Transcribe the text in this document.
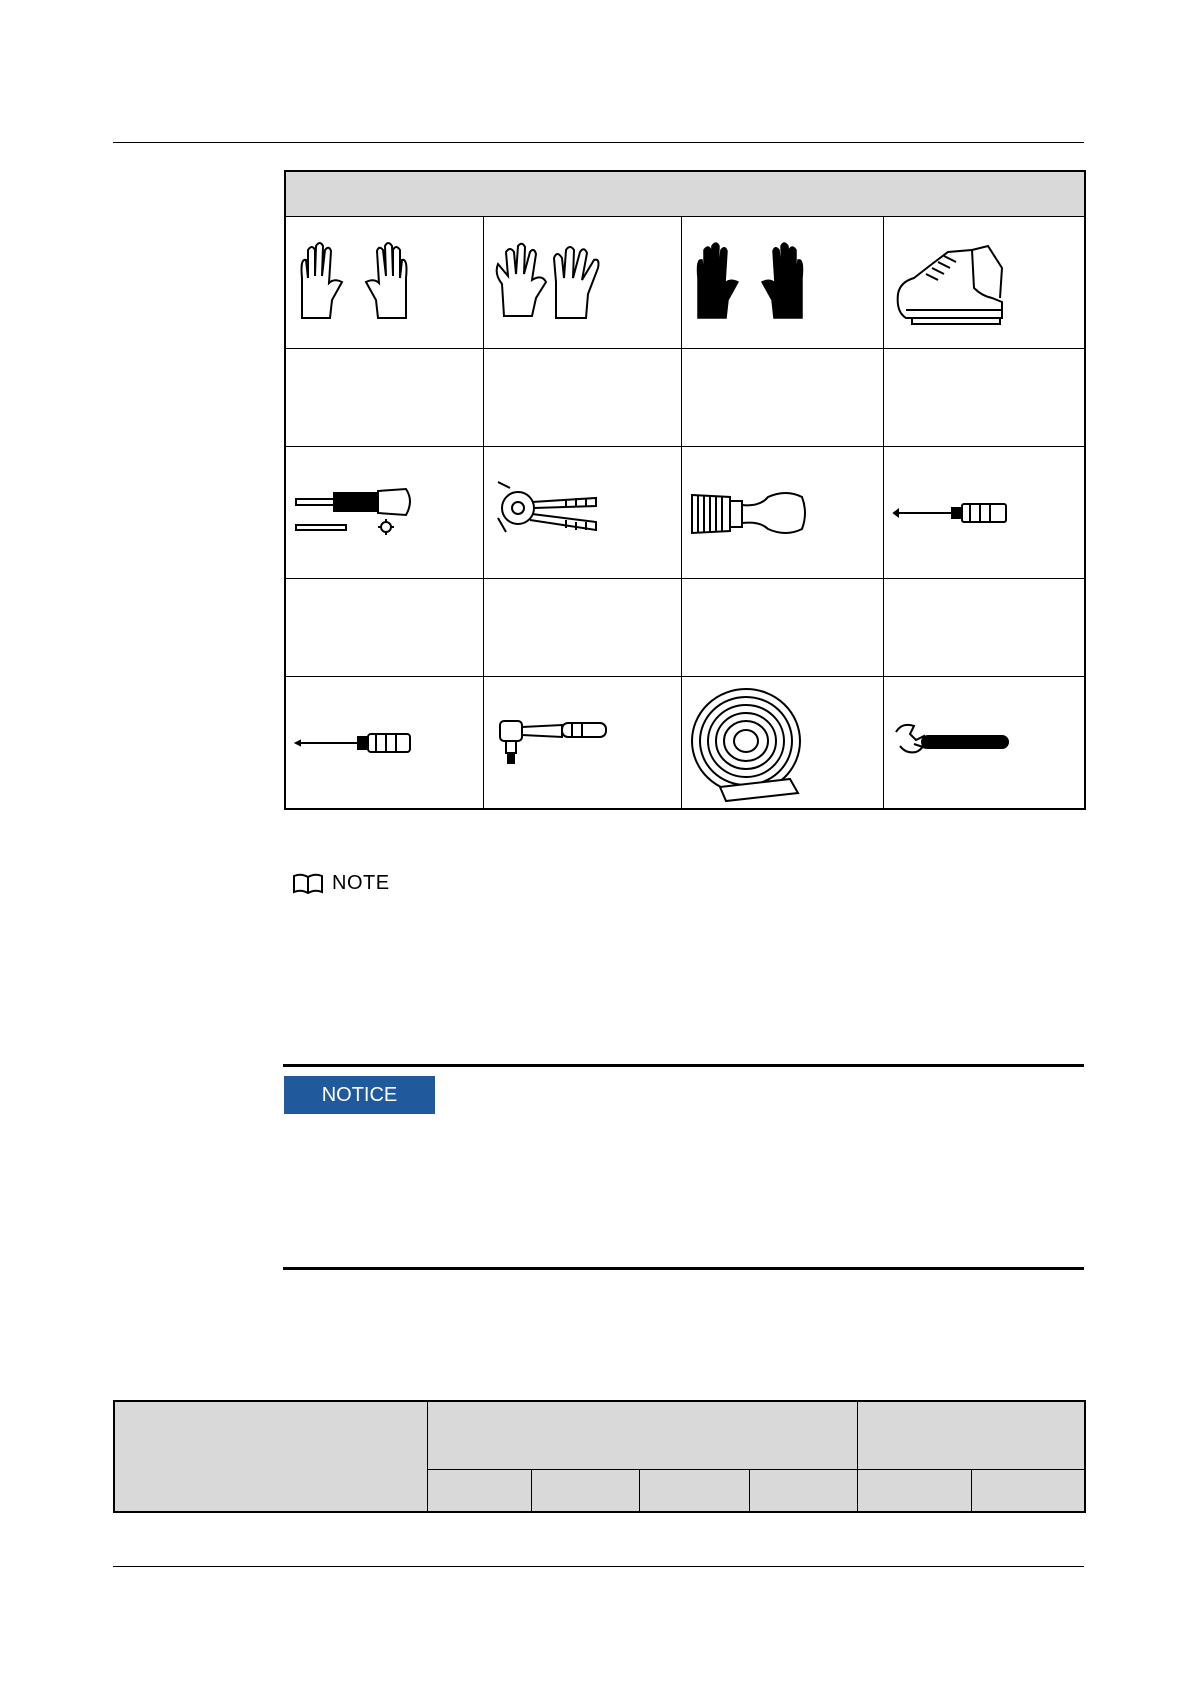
NOTE
NOTICE
